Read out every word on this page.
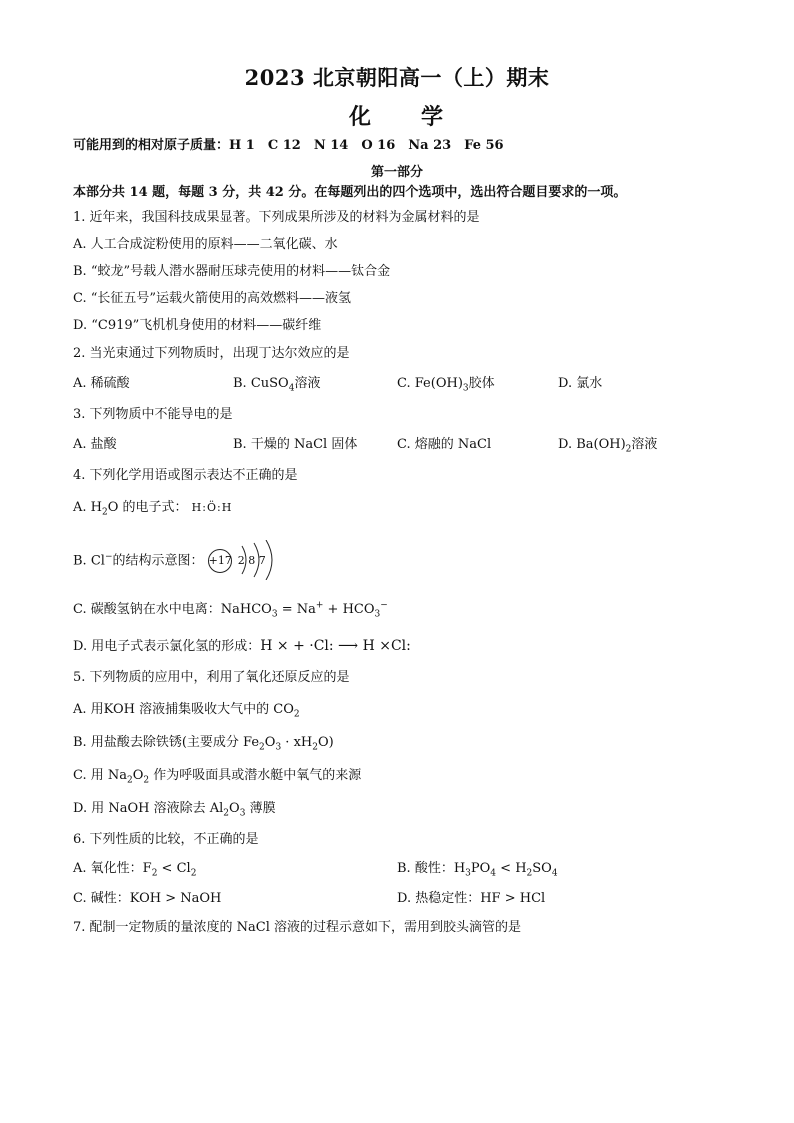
2023 北京朝阳高一（上）期末
化　　学
可能用到的相对原子质量：H 1　C 12　N 14　O 16　Na 23　Fe 56
第一部分
本部分共 14 题，每题 3 分，共 42 分。在每题列出的四个选项中，选出符合题目要求的一项。
1. 近年来，我国科技成果显著。下列成果所涉及的材料为金属材料的是
A. 人工合成淀粉使用的原料——二氧化碳、水
B. “蛟龙”号载人潜水器耐压球壳使用的材料——钛合金
C. “长征五号”运载火箭使用的高效燃料——液氢
D. “C919”飞机机身使用的材料——碳纤维
2. 当光束通过下列物质时，出现丁达尔效应的是
A. 稀硫酸	B. CuSO$_4$溶液	C. $Fe(OH)_3$胶体	D. 氯水
3. 下列物质中不能导电的是
A. 盐酸	B. 干燥的 NaCl 固体	C. 熔融的 NaCl	D. $Ba(OH)_2$溶液
4. 下列化学用语或图示表达不正确的是
A. $H_2O$ 的电子式： H:Ö:H
B. Cl−的结构示意图： +17 2 8 7
C. 碳酸氢钠在水中电离：NaHCO$_3$ = $Na^+ + HCO_3^-$
D. 用电子式表示氯化氢的形成：H × + ·Cl: ⟶ H ×Cl:
5. 下列物质的应用中，利用了氧化还原反应的是
A. 用KOH 溶液捕集吸收大气中的 $CO_2$
B. 用盐酸去除铁锈(主要成分 $Fe_2O_3 \cdot xH_2O$)
C. 用 $Na_2O_2$ 作为呼吸面具或潜水艇中氧气的来源
D. 用 NaOH 溶液除去 $Al_2O_3$ 薄膜
6. 下列性质的比较，不正确的是
A. 氧化性：$F_2 < Cl_2$	B. 酸性：$H_3PO_4 < H_2SO_4$
C. 碱性：KOH > NaOH	D. 热稳定性：HF > HCl
7. 配制一定物质的量浓度的 NaCl 溶液的过程示意如下，需用到胶头滴管的是
